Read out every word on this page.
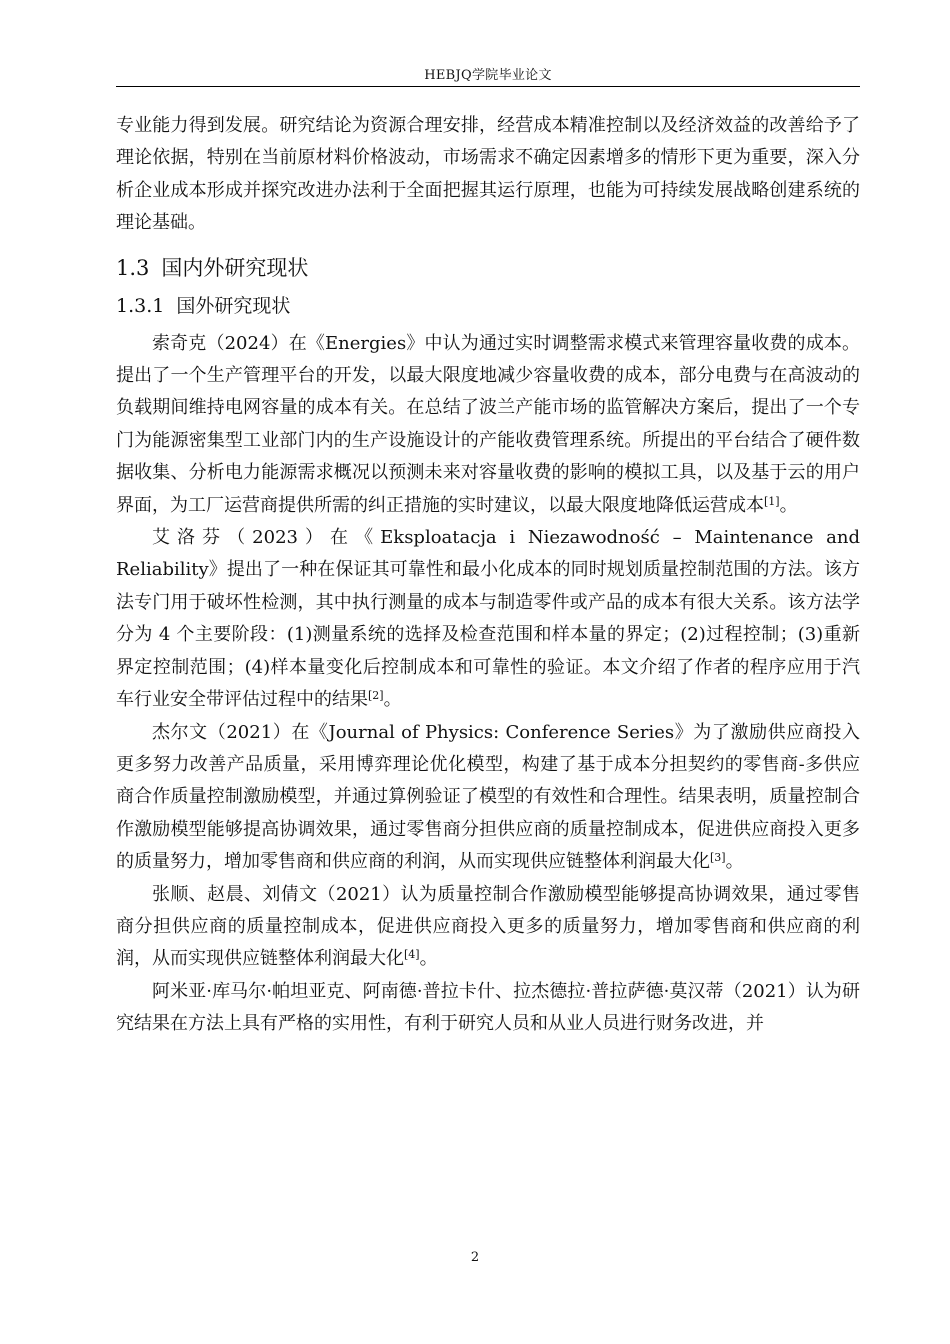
HEBJQ学院毕业论文

专业能力得到发展。研究结论为资源合理安排，经营成本精准控制以及经济效益的改善给予了理论依据，特别在当前原材料价格波动，市场需求不确定因素增多的情形下更为重要，深入分析企业成本形成并探究改进办法利于全面把握其运行原理，也能为可持续发展战略创建系统的理论基础。

1.3 国内外研究现状
1.3.1 国外研究现状

索奇克（2024）在《Energies》中认为通过实时调整需求模式来管理容量收费的成本。提出了一个生产管理平台的开发，以最大限度地减少容量收费的成本，部分电费与在高波动的负载期间维持电网容量的成本有关。在总结了波兰产能市场的监管解决方案后，提出了一个专门为能源密集型工业部门内的生产设施设计的产能收费管理系统。所提出的平台结合了硬件数据收集、分析电力能源需求概况以预测未来对容量收费的影响的模拟工具，以及基于云的用户界面，为工厂运营商提供所需的纠正措施的实时建议，以最大限度地降低运营成本[1]。

艾洛芬（2023）在《Eksploatacja i Niezawodność – Maintenance and Reliability》提出了一种在保证其可靠性和最小化成本的同时规划质量控制范围的方法。该方法专门用于破坏性检测，其中执行测量的成本与制造零件或产品的成本有很大关系。该方法学分为 4 个主要阶段：(1)测量系统的选择及检查范围和样本量的界定；(2)过程控制；(3)重新界定控制范围；(4)样本量变化后控制成本和可靠性的验证。本文介绍了作者的程序应用于汽车行业安全带评估过程中的结果[2]。

杰尔文（2021）在《Journal of Physics: Conference Series》为了激励供应商投入更多努力改善产品质量，采用博弈理论优化模型，构建了基于成本分担契约的零售商-多供应商合作质量控制激励模型，并通过算例验证了模型的有效性和合理性。结果表明，质量控制合作激励模型能够提高协调效果，通过零售商分担供应商的质量控制成本，促进供应商投入更多的质量努力，增加零售商和供应商的利润，从而实现供应链整体利润最大化[3]。

张顺、赵晨、刘倩文（2021）认为质量控制合作激励模型能够提高协调效果，通过零售商分担供应商的质量控制成本，促进供应商投入更多的质量努力，增加零售商和供应商的利润，从而实现供应链整体利润最大化[4]。

阿米亚·库马尔·帕坦亚克、阿南德·普拉卡什、拉杰德拉·普拉萨德·莫汉蒂（2021）认为研究结果在方法上具有严格的实用性，有利于研究人员和从业人员进行财务改进，并

2
